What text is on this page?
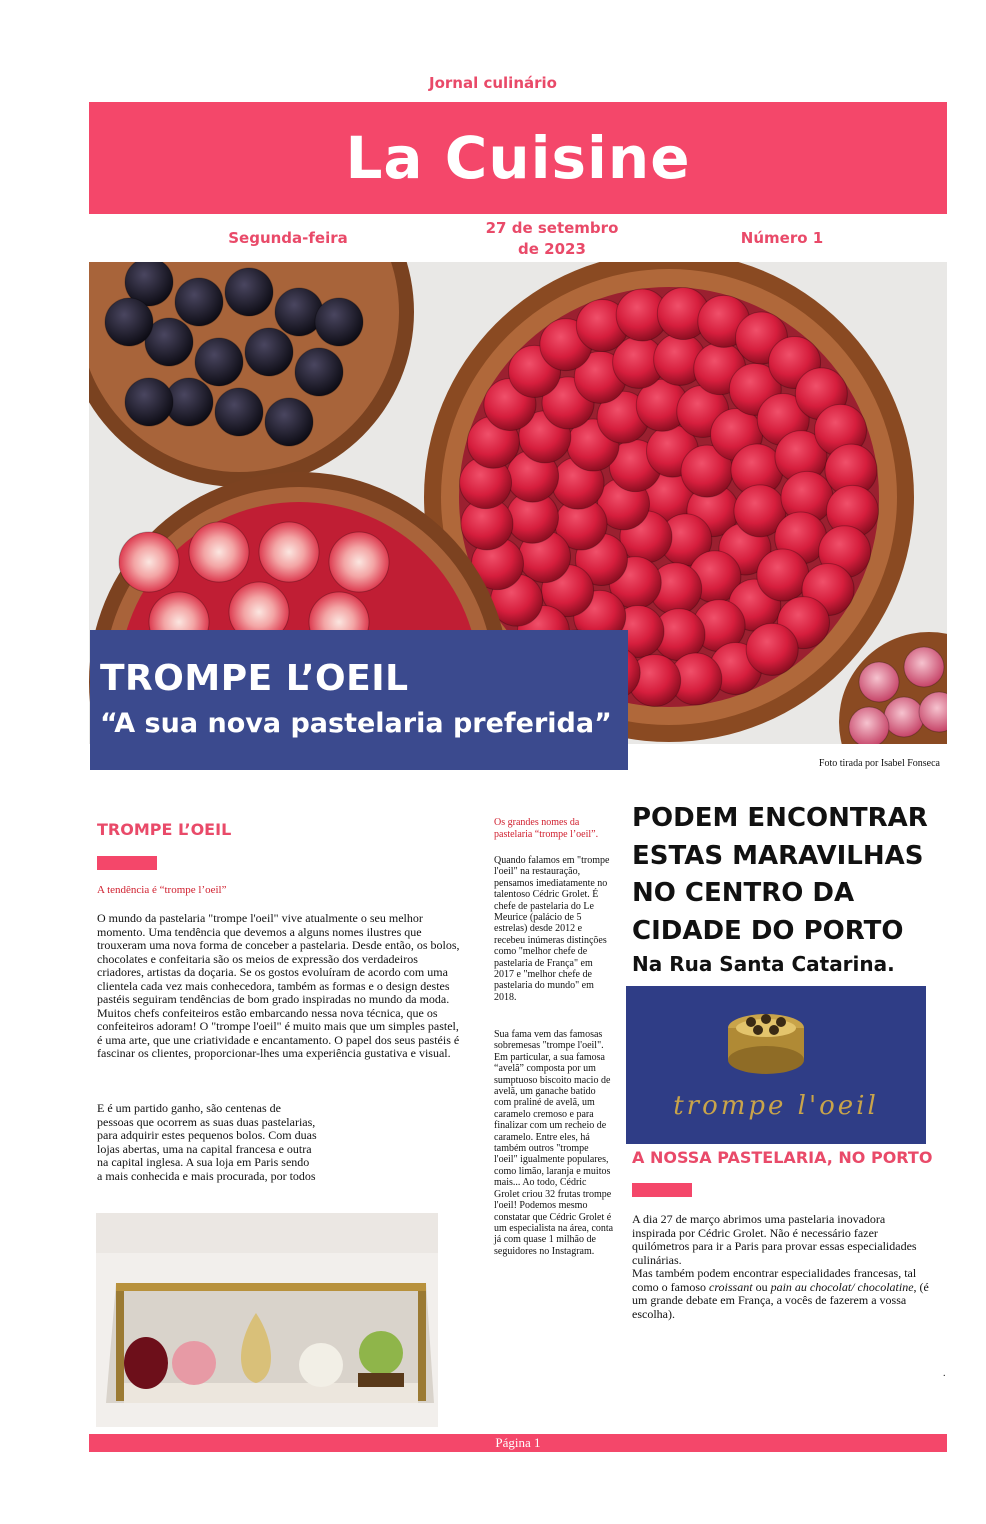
Jornal culinário
La Cuisine
Segunda-feira
27 de setembro de 2023
Número 1
TROMPE L’OEIL
“A sua nova pastelaria preferida”
Foto tirada por Isabel Fonseca
TROMPE L’OEIL
A tendência é “trompe l’oeil”
O mundo da pastelaria "trompe l'oeil" vive atualmente o seu melhor momento. Uma tendência que devemos a alguns nomes ilustres que trouxeram uma nova forma de conceber a pastelaria. Desde então, os bolos, chocolates e confeitaria são os meios de expressão dos verdadeiros criadores, artistas da doçaria. Se os gostos evoluíram de acordo com uma clientela cada vez mais conhecedora, também as formas e o design destes pastéis seguiram tendências de bom grado inspiradas no mundo da moda. Muitos chefs confeiteiros estão embarcando nessa nova técnica, que os confeiteiros adoram! O "trompe l'oeil" é muito mais que um simples pastel, é uma arte, que une criatividade e encantamento. O papel dos seus pastéis é fascinar os clientes, proporcionar-lhes uma experiência gustativa e visual.
E é um partido ganho, são centenas de pessoas que ocorrem as suas duas pastelarias, para adquirir estes pequenos bolos. Com duas lojas abertas, uma na capital francesa e outra na capital inglesa. A sua loja em Paris sendo a mais conhecida e mais procurada, por todos
Os grandes nomes da pastelaria “trompe l’oeil”.
Quando falamos em "trompe l'oeil" na restauração, pensamos imediatamente no talentoso Cédric Grolet. É chefe de pastelaria do Le Meurice (palácio de 5 estrelas) desde 2012 e recebeu inúmeras distinções como "melhor chefe de pastelaria de França" em 2017 e "melhor chefe de pastelaria do mundo" em 2018.
Sua fama vem das famosas sobremesas "trompe l'oeil". Em particular, a sua famosa “avelã” composta por um sumptuoso biscoito macio de avelã, um ganache batido com praliné de avelã, um caramelo cremoso e para finalizar com um recheio de caramelo. Entre eles, há também outros "trompe l'oeil" igualmente populares, como limão, laranja e muitos mais... Ao todo, Cédric Grolet criou 32 frutas trompe l'oeil! Podemos mesmo constatar que Cédric Grolet é um especialista na área, conta já com quase 1 milhão de seguidores no Instagram.
PODEM ENCONTRAR ESTAS MARAVILHAS NO CENTRO DA CIDADE DO PORTO
Na Rua Santa Catarina.
trompe l'oeil
A NOSSA PASTELARIA, NO PORTO
A dia 27 de março abrimos uma pastelaria inovadora inspirada por Cédric Grolet. Não é necessário fazer quilómetros para ir a Paris para provar essas especialidades culinárias.
Mas também podem encontrar especialidades francesas, tal como o famoso croissant ou pain au chocolat/ chocolatine, (é um grande debate em França, a vocês de fazerem a vossa escolha).
.
Página 1
